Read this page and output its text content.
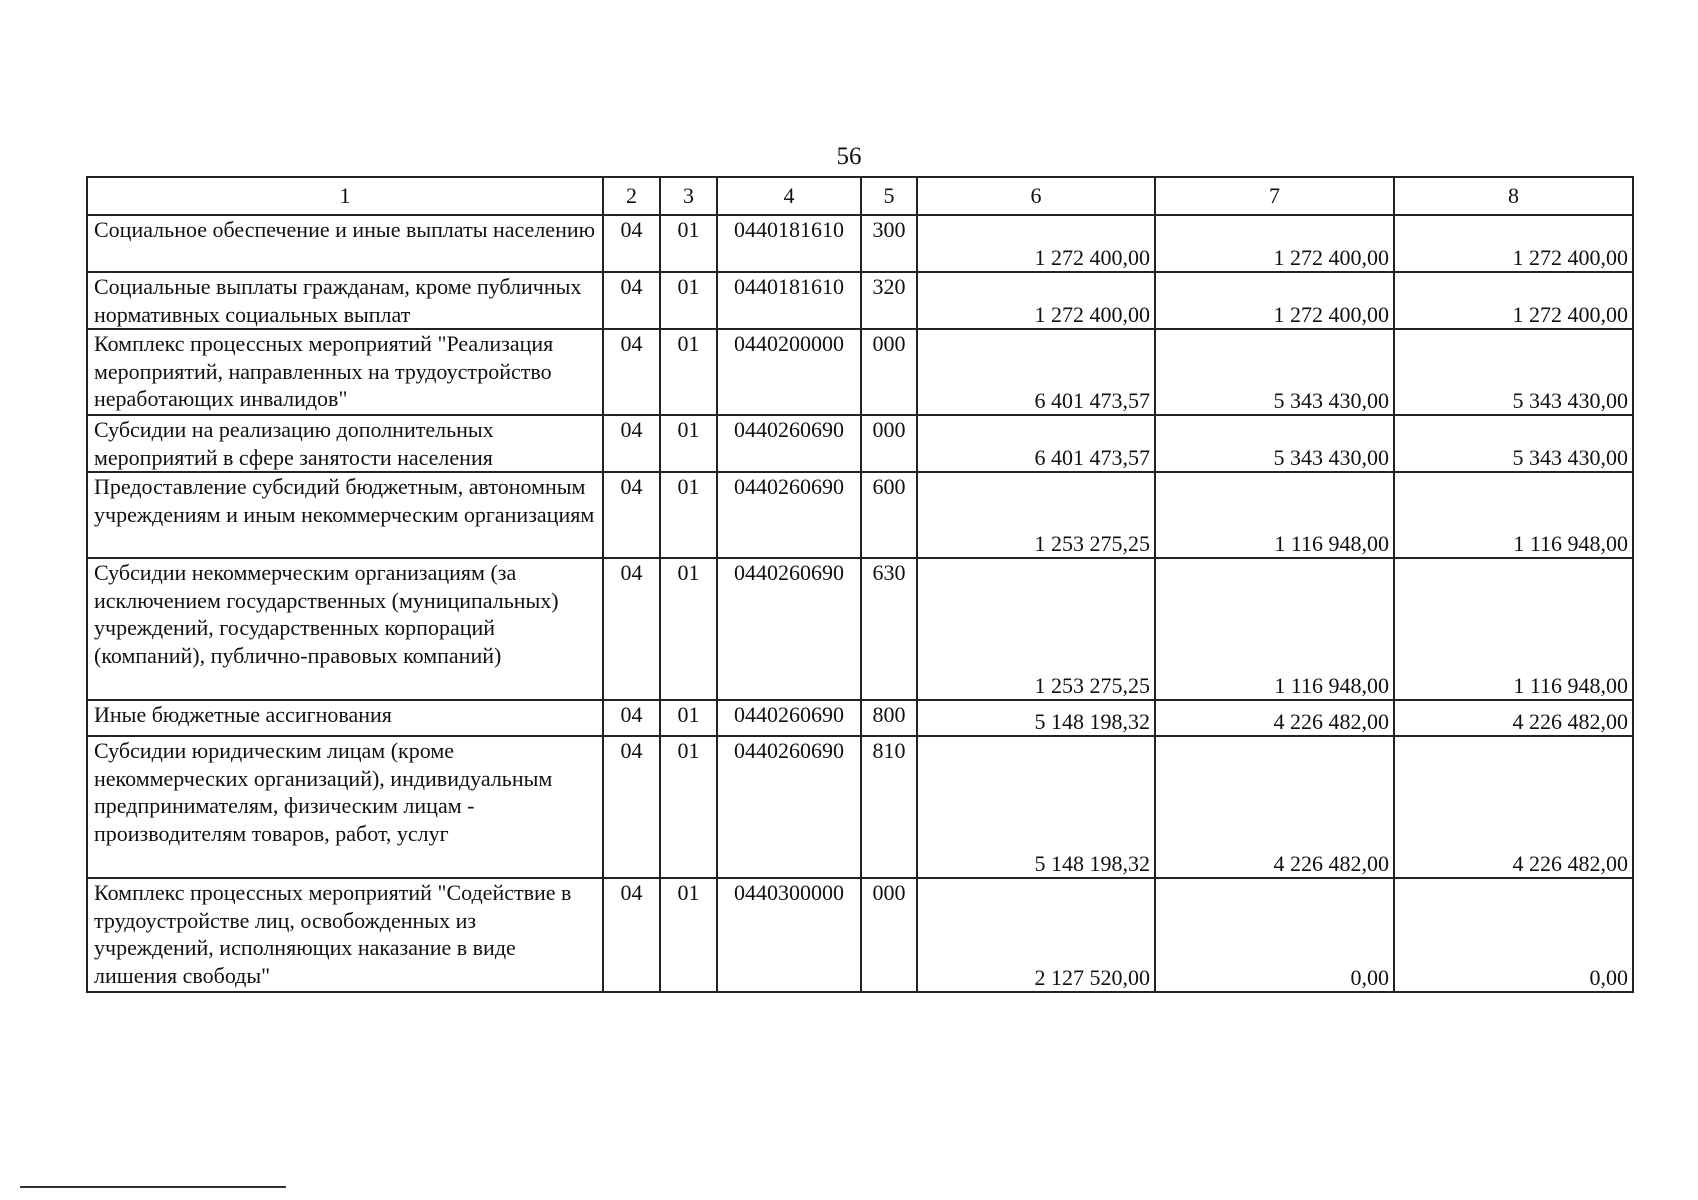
56
1	2	3	4	5	6	7	8
Социальное обеспечение и иные выплаты населению	04	01	0440181610	300	1 272 400,00	1 272 400,00	1 272 400,00
Социальные выплаты гражданам, кроме публичных нормативных социальных выплат	04	01	0440181610	320	1 272 400,00	1 272 400,00	1 272 400,00
Комплекс процессных мероприятий "Реализация мероприятий, направленных на трудоустройство неработающих инвалидов"	04	01	0440200000	000	6 401 473,57	5 343 430,00	5 343 430,00
Субсидии на реализацию дополнительных мероприятий в сфере занятости населения	04	01	0440260690	000	6 401 473,57	5 343 430,00	5 343 430,00
Предоставление субсидий бюджетным, автономным учреждениям и иным некоммерческим организациям	04	01	0440260690	600	1 253 275,25	1 116 948,00	1 116 948,00
Субсидии некоммерческим организациям (за исключением государственных (муниципальных) учреждений, государственных корпораций (компаний), публично-правовых компаний)	04	01	0440260690	630	1 253 275,25	1 116 948,00	1 116 948,00
Иные бюджетные ассигнования	04	01	0440260690	800	5 148 198,32	4 226 482,00	4 226 482,00
Субсидии юридическим лицам (кроме некоммерческих организаций), индивидуальным предпринимателям, физическим лицам - производителям товаров, работ, услуг	04	01	0440260690	810	5 148 198,32	4 226 482,00	4 226 482,00
Комплекс процессных мероприятий "Содействие в трудоустройстве лиц, освобожденных из учреждений, исполняющих наказание в виде лишения свободы"	04	01	0440300000	000	2 127 520,00	0,00	0,00
